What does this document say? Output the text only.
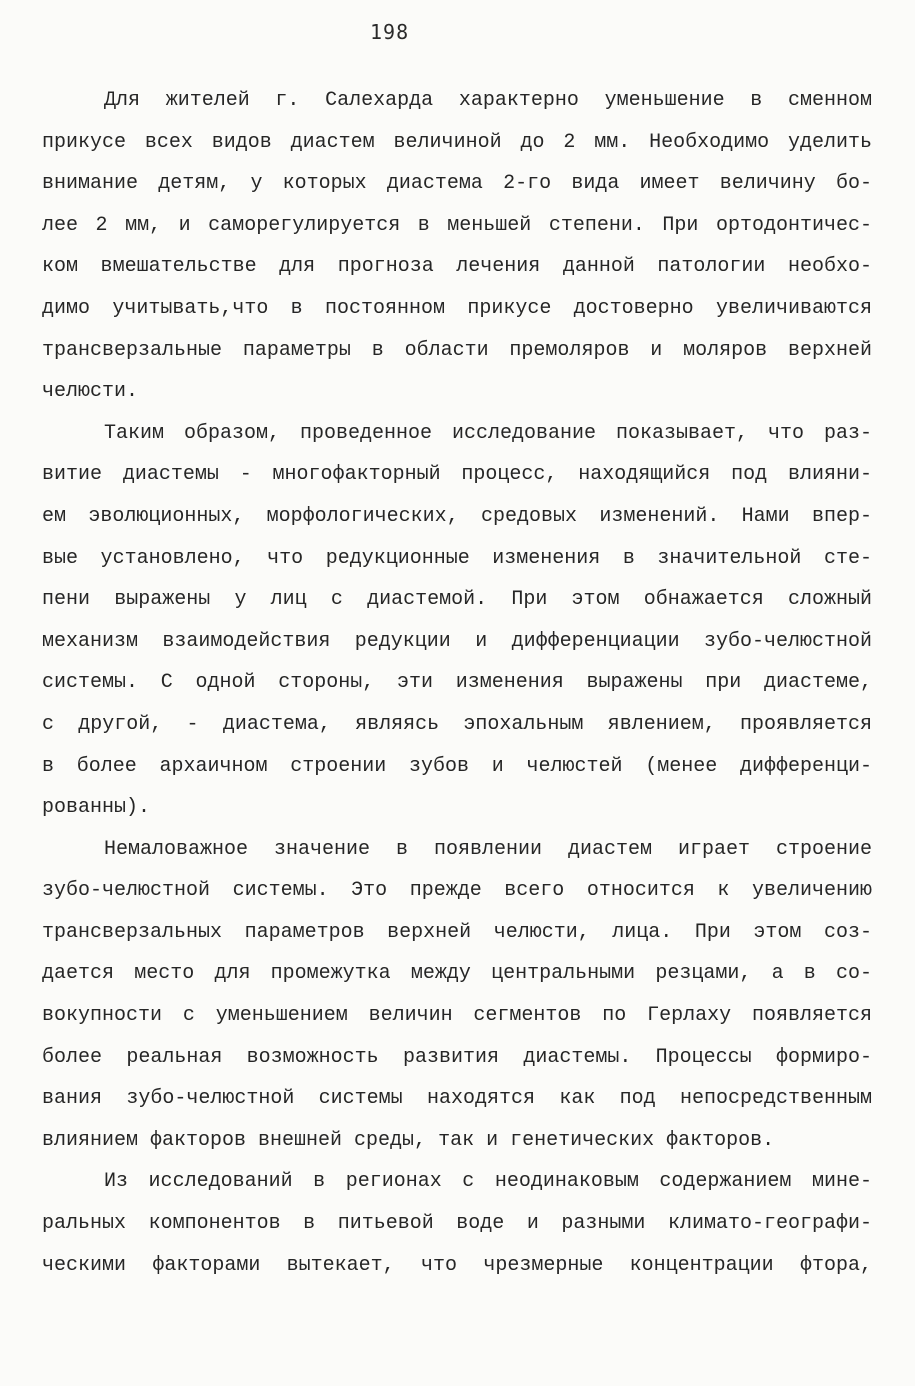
198
Для жителей г. Салехарда характерно уменьшение в сменном
прикусе всех видов диастем величиной до 2 мм. Необходимо уделить
внимание детям, у которых диастема 2-го вида имеет величину бо-
лее 2 мм, и саморегулируется в меньшей степени. При ортодонтичес-
ком вмешательстве для прогноза лечения данной патологии необхо-
димо учитывать,что в постоянном прикусе достоверно увеличиваются
трансверзальные параметры в области премоляров и моляров верхней
челюсти.
Таким образом, проведенное исследование показывает, что раз-
витие диастемы - многофакторный процесс, находящийся под влияни-
ем эволюционных, морфологических, средовых изменений. Нами впер-
вые установлено, что редукционные изменения в значительной сте-
пени выражены у лиц с диастемой. При этом обнажается сложный
механизм взаимодействия редукции и дифференциации зубо-челюстной
системы. С одной стороны, эти изменения выражены при диастеме,
с другой, - диастема, являясь эпохальным явлением, проявляется
в более архаичном строении зубов и челюстей (менее дифференци-
рованны).
Немаловажное значение в появлении диастем играет строение
зубо-челюстной системы. Это прежде всего относится к увеличению
трансверзальных параметров верхней челюсти, лица. При этом соз-
дается место для промежутка между центральными резцами, а в со-
вокупности с уменьшением величин сегментов по Герлаху появляется
более реальная возможность развития диастемы. Процессы формиро-
вания зубо-челюстной системы находятся как под непосредственным
влиянием факторов внешней среды, так и генетических факторов.
Из исследований в регионах с неодинаковым содержанием мине-
ральных компонентов в питьевой воде и разными климато-географи-
ческими факторами вытекает, что чрезмерные концентрации фтора,
